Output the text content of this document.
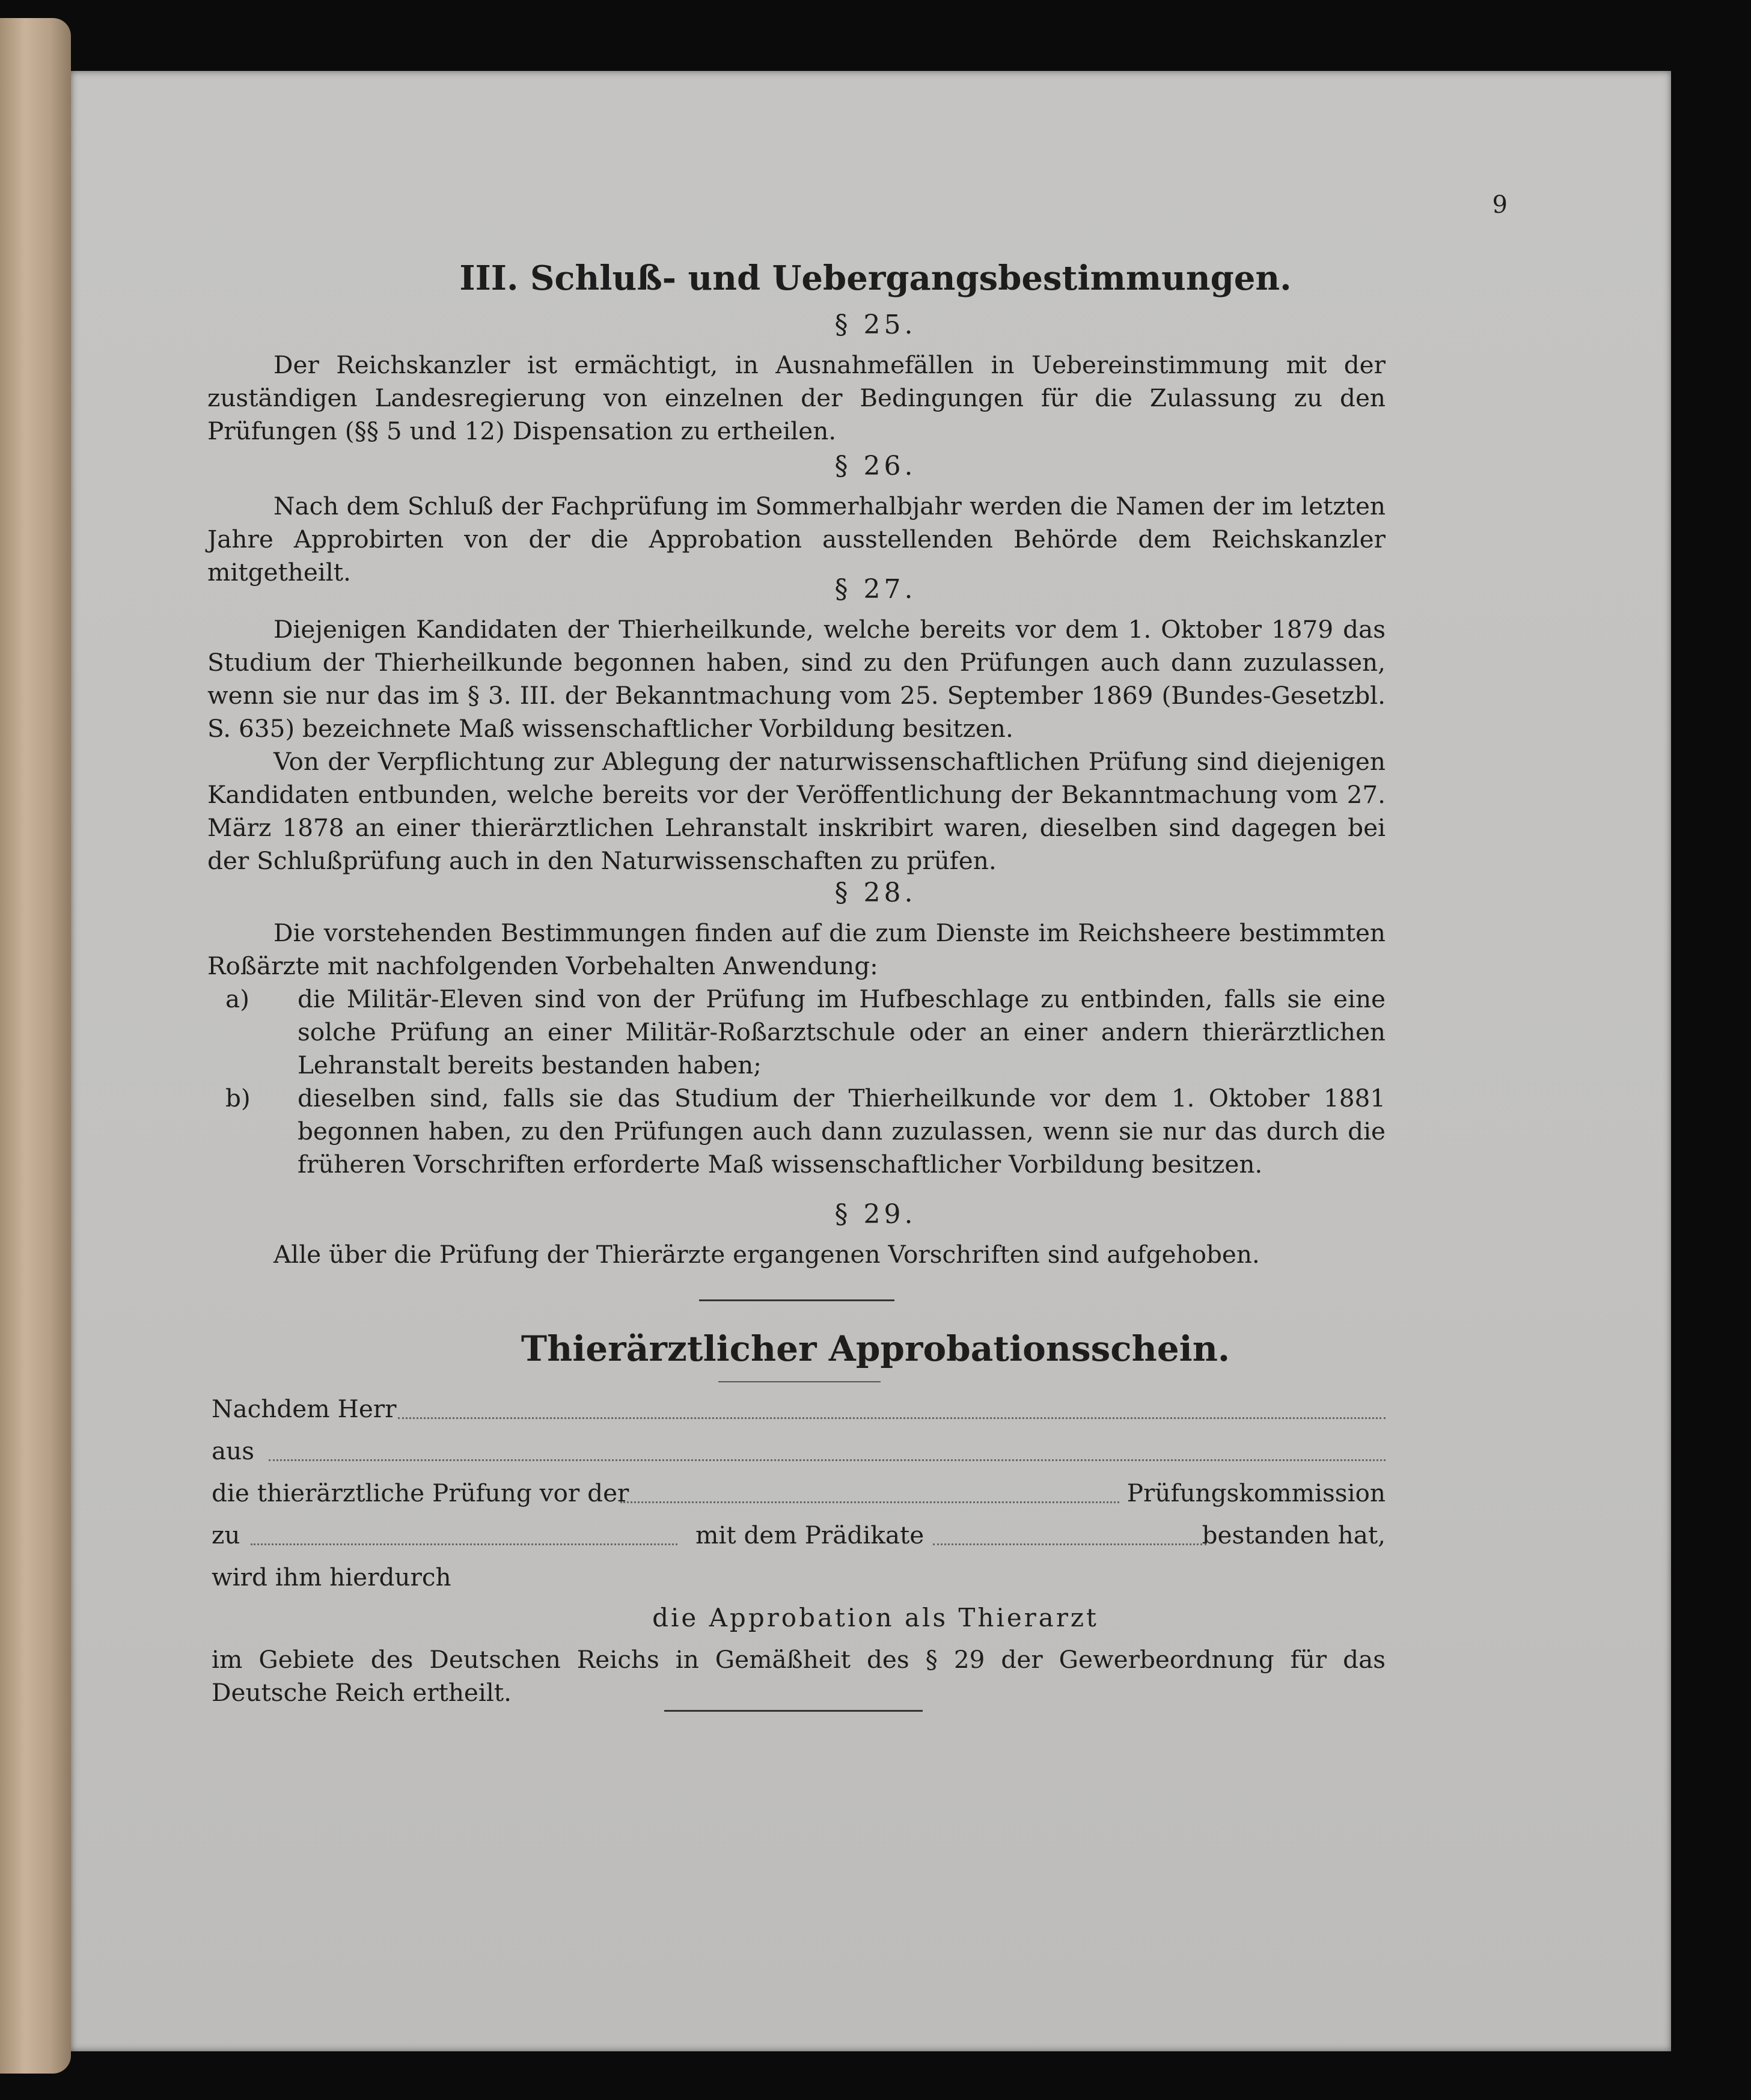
9
III. Schluß- und Uebergangsbestimmungen.
§ 25.
Der Reichskanzler ist ermächtigt, in Ausnahmefällen in Uebereinstimmung mit der zuständigen Landesregierung von einzelnen der Bedingungen für die Zulassung zu den Prüfungen (§§ 5 und 12) Dispensation zu ertheilen.
§ 26.
Nach dem Schluß der Fachprüfung im Sommerhalbjahr werden die Namen der im letzten Jahre Approbirten von der die Approbation ausstellenden Behörde dem Reichskanzler mitgetheilt.
§ 27.
Diejenigen Kandidaten der Thierheilkunde, welche bereits vor dem 1. Oktober 1879 das Studium der Thierheilkunde begonnen haben, sind zu den Prüfungen auch dann zuzulassen, wenn sie nur das im § 3. III. der Bekanntmachung vom 25. September 1869 (Bundes-Gesetzbl. S. 635) bezeichnete Maß wissenschaftlicher Vorbildung besitzen.
Von der Verpflichtung zur Ablegung der naturwissenschaftlichen Prüfung sind diejenigen Kandidaten entbunden, welche bereits vor der Veröffentlichung der Bekanntmachung vom 27. März 1878 an einer thierärztlichen Lehranstalt inskribirt waren, dieselben sind dagegen bei der Schlußprüfung auch in den Naturwissenschaften zu prüfen.
§ 28.
Die vorstehenden Bestimmungen finden auf die zum Dienste im Reichsheere bestimmten Roßärzte mit nachfolgenden Vorbehalten Anwendung:
a) die Militär-Eleven sind von der Prüfung im Hufbeschlage zu entbinden, falls sie eine solche Prüfung an einer Militär-Roßarztschule oder an einer andern thierärztlichen Lehranstalt bereits bestanden haben;
b) dieselben sind, falls sie das Studium der Thierheilkunde vor dem 1. Oktober 1881 begonnen haben, zu den Prüfungen auch dann zuzulassen, wenn sie nur das durch die früheren Vorschriften erforderte Maß wissenschaftlicher Vorbildung besitzen.
§ 29.
Alle über die Prüfung der Thierärzte ergangenen Vorschriften sind aufgehoben.
Thierärztlicher Approbationsschein.
Nachdem Herr
aus
die thierärztliche Prüfung vor der	Prüfungskommission
zu	mit dem Prädikate	bestanden hat,
wird ihm hierdurch
die Approbation als Thierarzt
im Gebiete des Deutschen Reichs in Gemäßheit des § 29 der Gewerbeordnung für das Deutsche Reich ertheilt.
